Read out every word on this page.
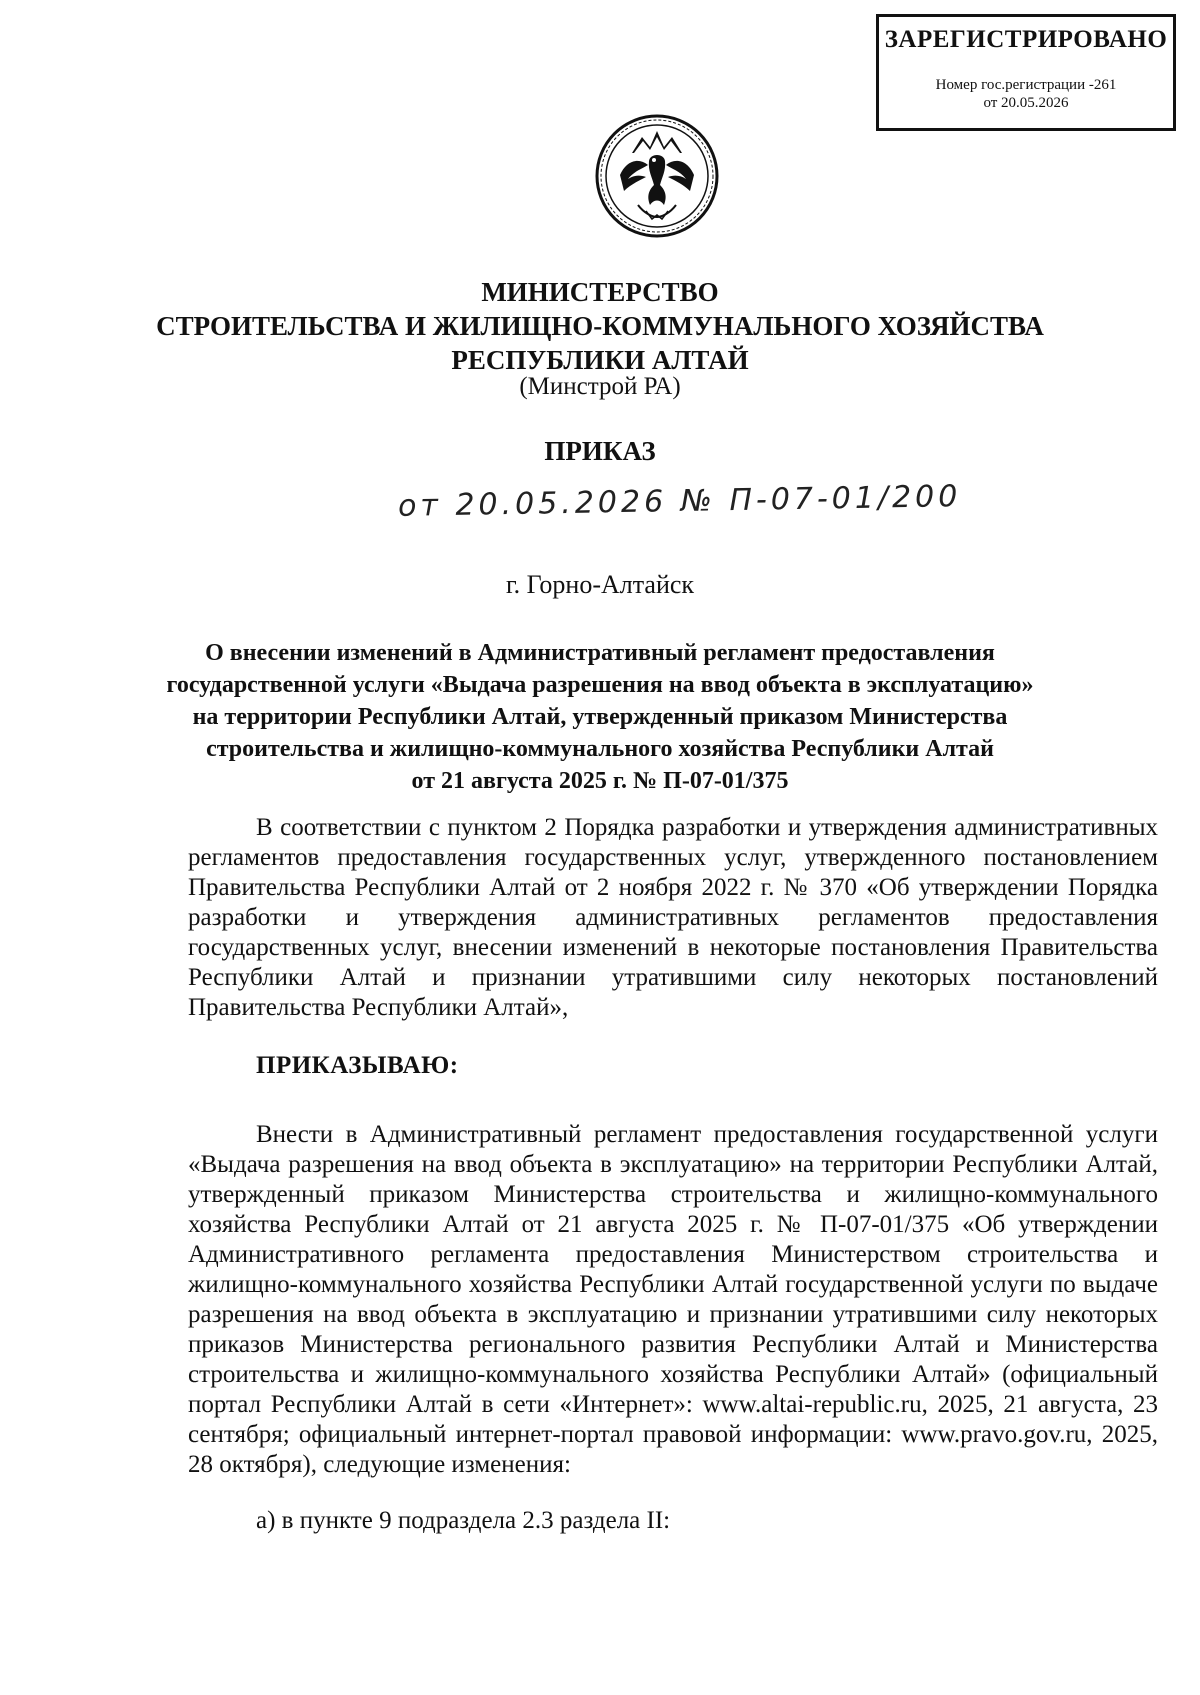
ЗАРЕГИСТРИРОВАНО
Номер гос.регистрации -261
от 20.05.2026
МИНИСТЕРСТВО
СТРОИТЕЛЬСТВА И ЖИЛИЩНО-КОММУНАЛЬНОГО ХОЗЯЙСТВА
РЕСПУБЛИКИ АЛТАЙ
(Минстрой РА)
ПРИКАЗ
от 20.05.2026 № П-07-01/200
г. Горно-Алтайск
О внесении изменений в Административный регламент предоставления
государственной услуги «Выдача разрешения на ввод объекта в эксплуатацию»
на территории Республики Алтай, утвержденный приказом Министерства
строительства и жилищно-коммунального хозяйства Республики Алтай
от 21 августа 2025 г. № П-07-01/375
В соответствии с пунктом 2 Порядка разработки и утверждения административных регламентов предоставления государственных услуг, утвержденного постановлением Правительства Республики Алтай от 2 ноября 2022 г. № 370 «Об утверждении Порядка разработки и утверждения административных регламентов предоставления государственных услуг, внесении изменений в некоторые постановления Правительства Республики Алтай и признании утратившими силу некоторых постановлений Правительства Республики Алтай»,
ПРИКАЗЫВАЮ:
Внести в Административный регламент предоставления государственной услуги «Выдача разрешения на ввод объекта в эксплуатацию» на территории Республики Алтай, утвержденный приказом Министерства строительства и жилищно-коммунального хозяйства Республики Алтай от 21 августа 2025 г. № П-07-01/375 «Об утверждении Административного регламента предоставления Министерством строительства и жилищно-коммунального хозяйства Республики Алтай государственной услуги по выдаче разрешения на ввод объекта в эксплуатацию и признании утратившими силу некоторых приказов Министерства регионального развития Республики Алтай и Министерства строительства и жилищно-коммунального хозяйства Республики Алтай» (официальный портал Республики Алтай в сети «Интернет»: www.altai-republic.ru, 2025, 21 августа, 23 сентября; официальный интернет-портал правовой информации: www.pravo.gov.ru, 2025, 28 октября), следующие изменения:
а) в пункте 9 подраздела 2.3 раздела II:
